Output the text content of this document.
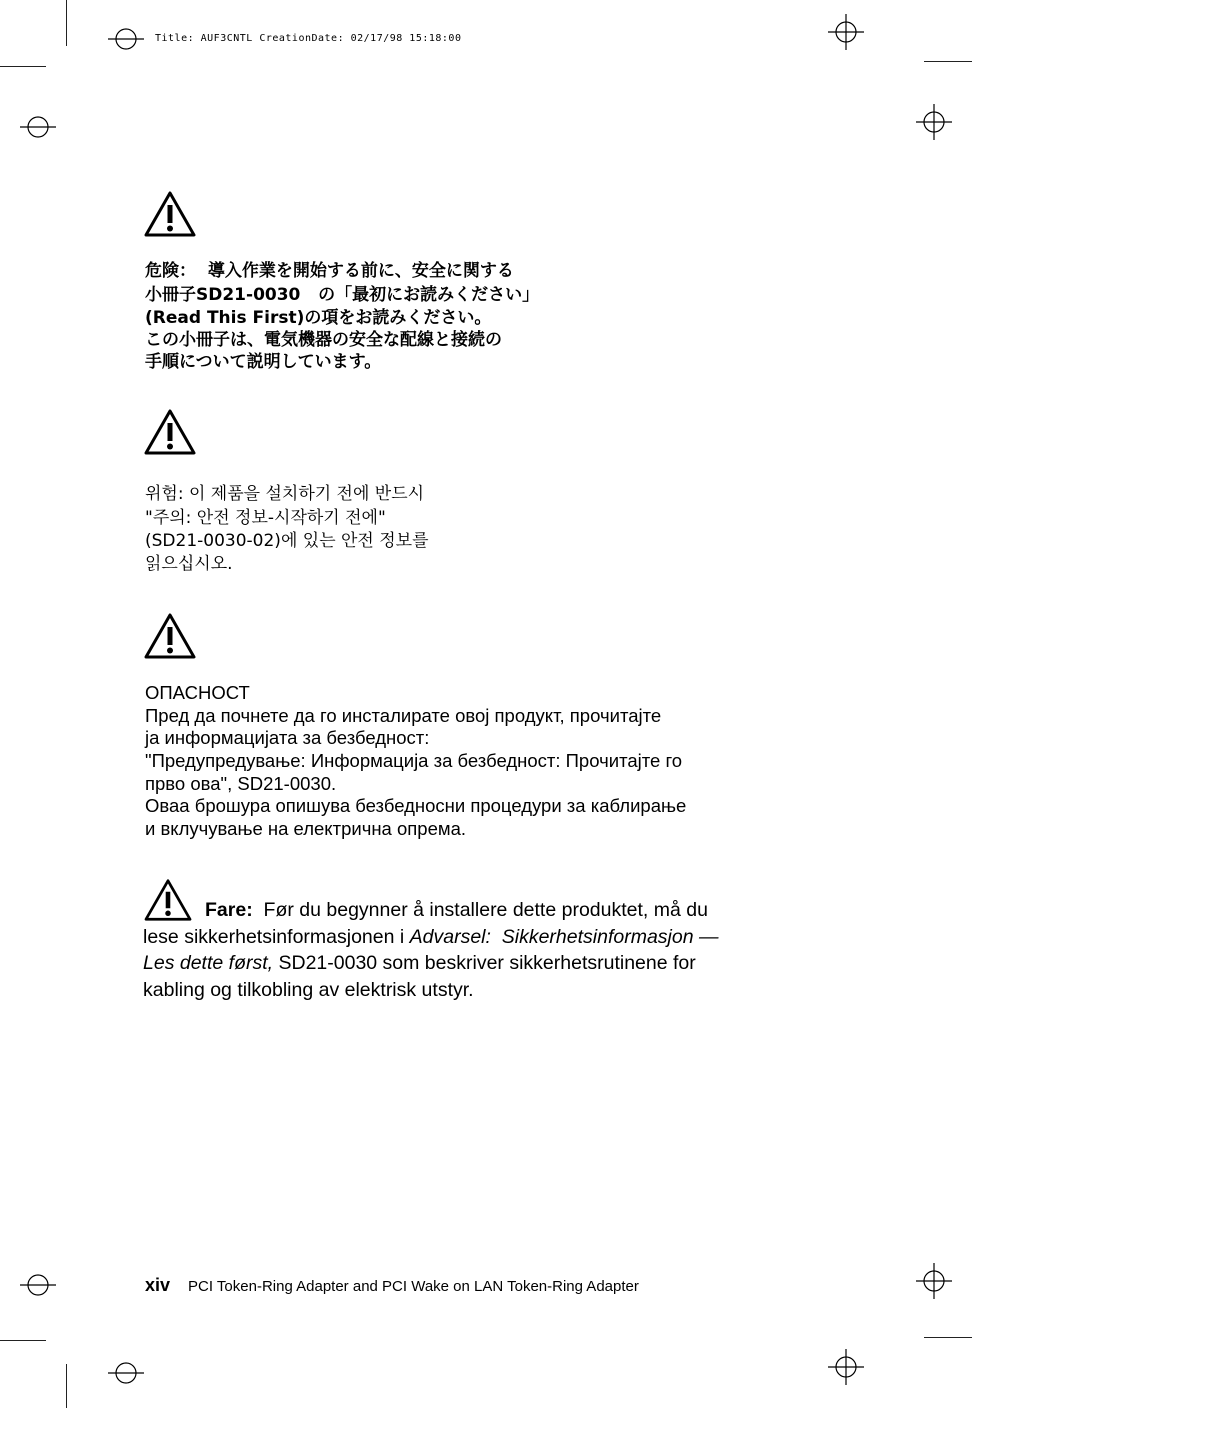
Title: AUF3CNTL CreationDate: 02/17/98 15:18:00
危険：  導入作業を開始する前に、安全に関する
小冊子SD21-0030   の「最初にお読みください」
(Read This First)の項をお読みください。
この小冊子は、電気機器の安全な配線と接続の
手順について説明しています。
위험: 이 제품을 설치하기 전에 반드시
"주의: 안전 정보-시작하기 전에"
(SD21-0030-02)에 있는 안전 정보를
읽으십시오.
ОПАСНОСТ
Пред да почнете да го инсталирате овој продукт, прочитајте
ја информацијата за безбедност:
"Предупредување: Информација за безбедност: Прочитајте го
прво ова", SD21-0030.
Оваа брошура опишува безбедносни процедури за каблирање
и вклучување на електрична опрема.
Fare: Før du begynner å installere dette produktet, må du
lese sikkerhetsinformasjonen i Advarsel:  Sikkerhetsinformasjon —
Les dette først, SD21-0030 som beskriver sikkerhetsrutinene for
kabling og tilkobling av elektrisk utstyr.
xiv PCI Token-Ring Adapter and PCI Wake on LAN Token-Ring Adapter
